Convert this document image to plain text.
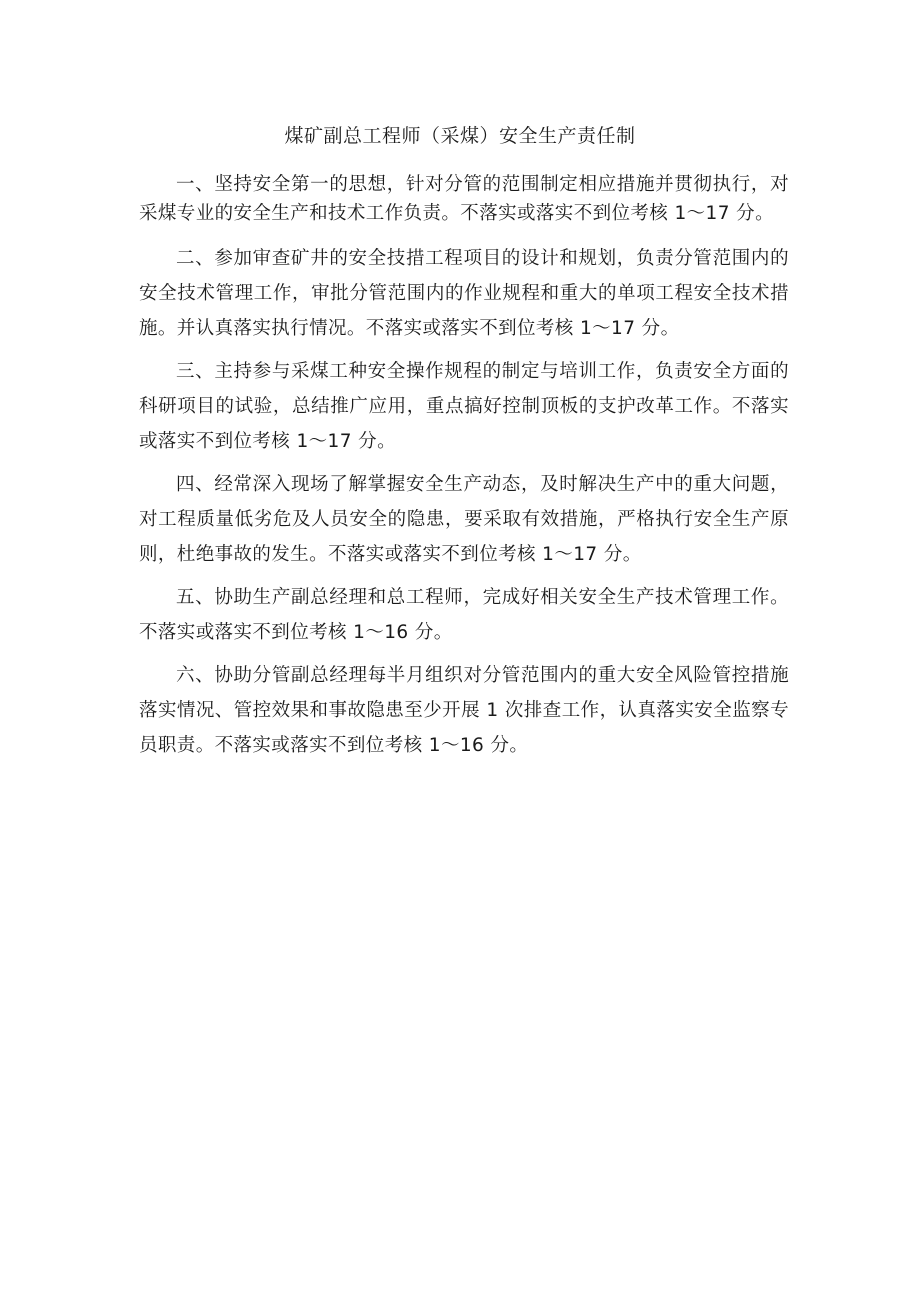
煤矿副总工程师（采煤）安全生产责任制

一、坚持安全第一的思想，针对分管的范围制定相应措施并贯彻执行，对采煤专业的安全生产和技术工作负责。不落实或落实不到位考核 1～17 分。

二、参加审查矿井的安全技措工程项目的设计和规划，负责分管范围内的安全技术管理工作，审批分管范围内的作业规程和重大的单项工程安全技术措施。并认真落实执行情况。不落实或落实不到位考核 1～17 分。

三、主持参与采煤工种安全操作规程的制定与培训工作，负责安全方面的科研项目的试验，总结推广应用，重点搞好控制顶板的支护改革工作。不落实或落实不到位考核 1～17 分。

四、经常深入现场了解掌握安全生产动态，及时解决生产中的重大问题，对工程质量低劣危及人员安全的隐患，要采取有效措施，严格执行安全生产原则，杜绝事故的发生。不落实或落实不到位考核 1～17 分。

五、协助生产副总经理和总工程师，完成好相关安全生产技术管理工作。不落实或落实不到位考核 1～16 分。

六、协助分管副总经理每半月组织对分管范围内的重大安全风险管控措施落实情况、管控效果和事故隐患至少开展 1 次排查工作，认真落实安全监察专员职责。不落实或落实不到位考核 1～16 分。
